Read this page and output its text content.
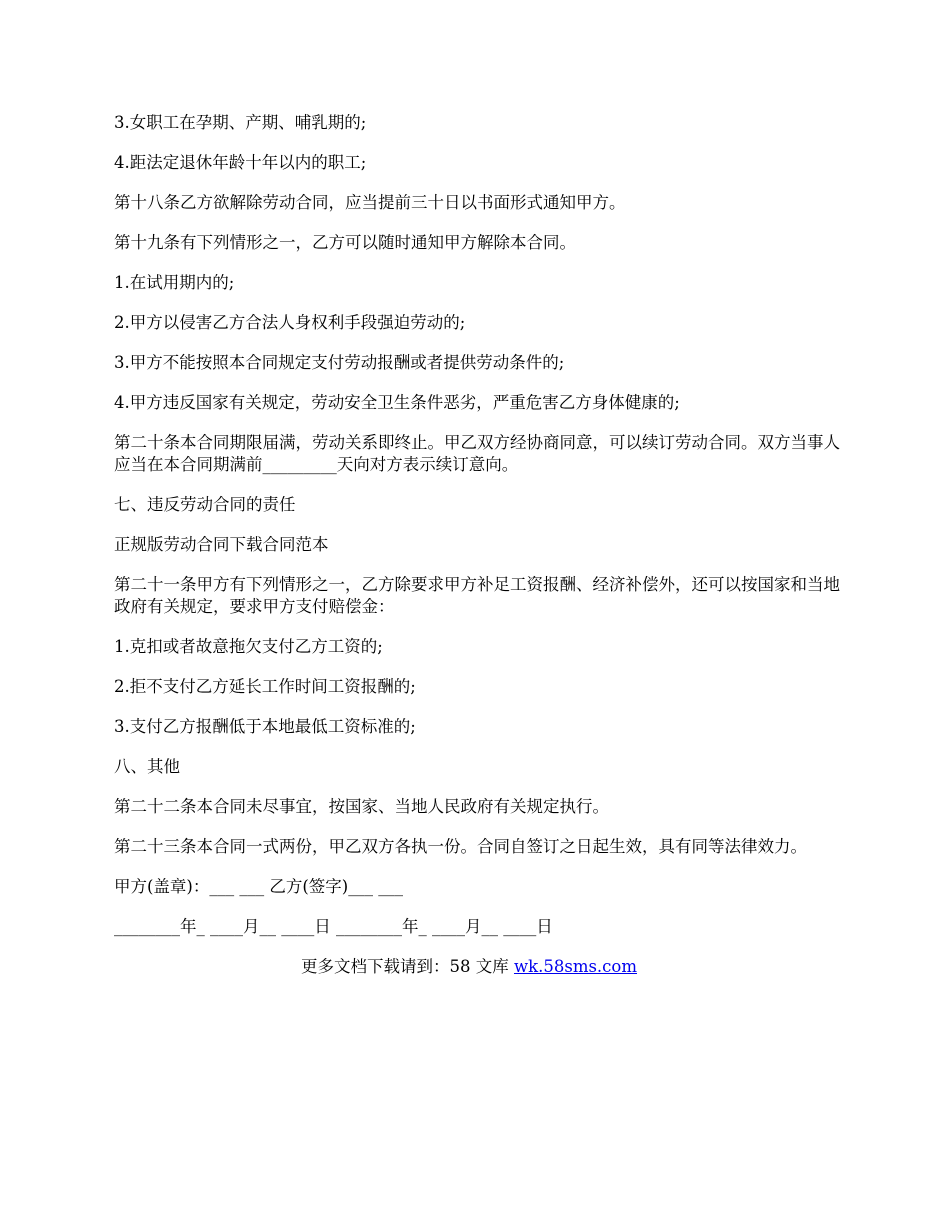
3.女职工在孕期、产期、哺乳期的;

4.距法定退休年龄十年以内的职工;

第十八条乙方欲解除劳动合同，应当提前三十日以书面形式通知甲方。

第十九条有下列情形之一，乙方可以随时通知甲方解除本合同。

1.在试用期内的;

2.甲方以侵害乙方合法人身权利手段强迫劳动的;

3.甲方不能按照本合同规定支付劳动报酬或者提供劳动条件的;

4.甲方违反国家有关规定，劳动安全卫生条件恶劣，严重危害乙方身体健康的;

第二十条本合同期限届满，劳动关系即终止。甲乙双方经协商同意，可以续订劳动合同。双方当事人应当在本合同期满前_________天向对方表示续订意向。

七、违反劳动合同的责任

正规版劳动合同下载合同范本

第二十一条甲方有下列情形之一，乙方除要求甲方补足工资报酬、经济补偿外，还可以按国家和当地政府有关规定，要求甲方支付赔偿金：

1.克扣或者故意拖欠支付乙方工资的;

2.拒不支付乙方延长工作时间工资报酬的;

3.支付乙方报酬低于本地最低工资标准的;

八、其他

第二十二条本合同未尽事宜，按国家、当地人民政府有关规定执行。

第二十三条本合同一式两份，甲乙双方各执一份。合同自签订之日起生效，具有同等法律效力。

甲方(盖章)：___ ___ 乙方(签字)___ ___

________年_ ____月__ ____日 ________年_ ____月__ ____日

更多文档下载请到：58 文库 wk.58sms.com
